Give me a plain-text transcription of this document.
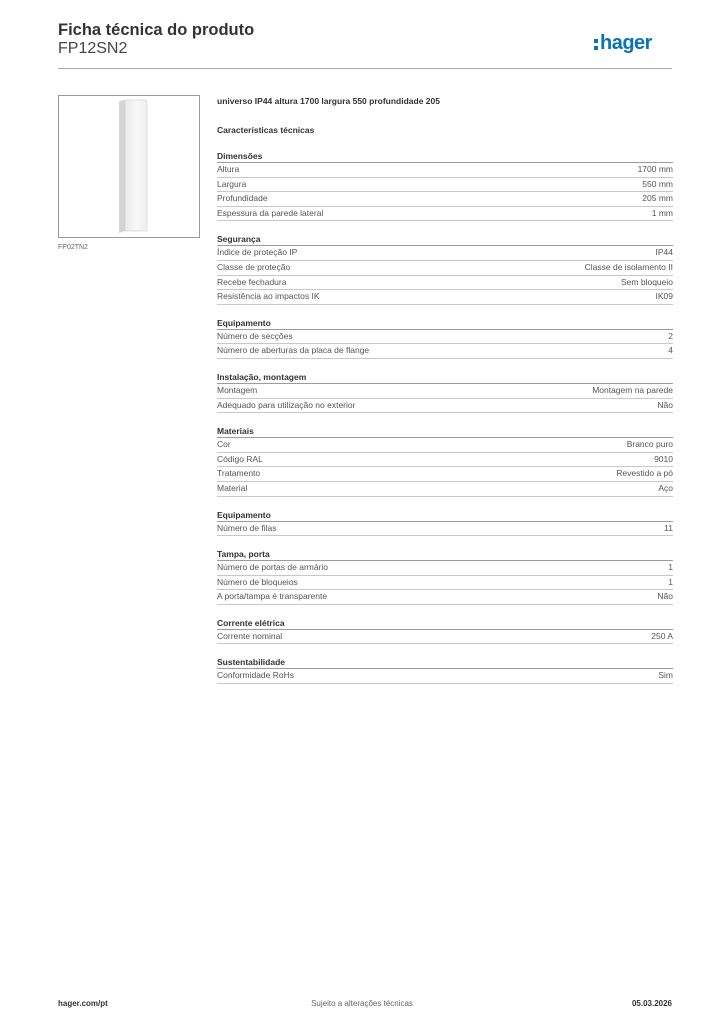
Ficha técnica do produto
FP12SN2	hager
FP02TN2
universo IP44 altura 1700 largura 550 profundidade 205
Características técnicas
Dimensões
Altura	1700 mm
Largura	550 mm
Profundidade	205 mm
Espessura da parede lateral	1 mm
Segurança
Índice de proteção IP	IP44
Classe de proteção	Classe de isolamento II
Recebe fechadura	Sem bloqueio
Resistência ao impactos IK	IK09
Equipamento
Número de secções	2
Número de aberturas da placa de flange	4
Instalação, montagem
Montagem	Montagem na parede
Adequado para utilização no exterior	Não
Materiais
Cor	Branco puro
Código RAL	9010
Tratamento	Revestido a pó
Material	Aço
Equipamento
Número de filas	11
Tampa, porta
Número de portas de armário	1
Número de bloqueios	1
A porta/tampa é transparente	Não
Corrente elétrica
Corrente nominal	250 A
Sustentabilidade
Conformidade RoHs	Sim
hager.com/pt	Sujeito a alterações técnicas	05.03.2026
